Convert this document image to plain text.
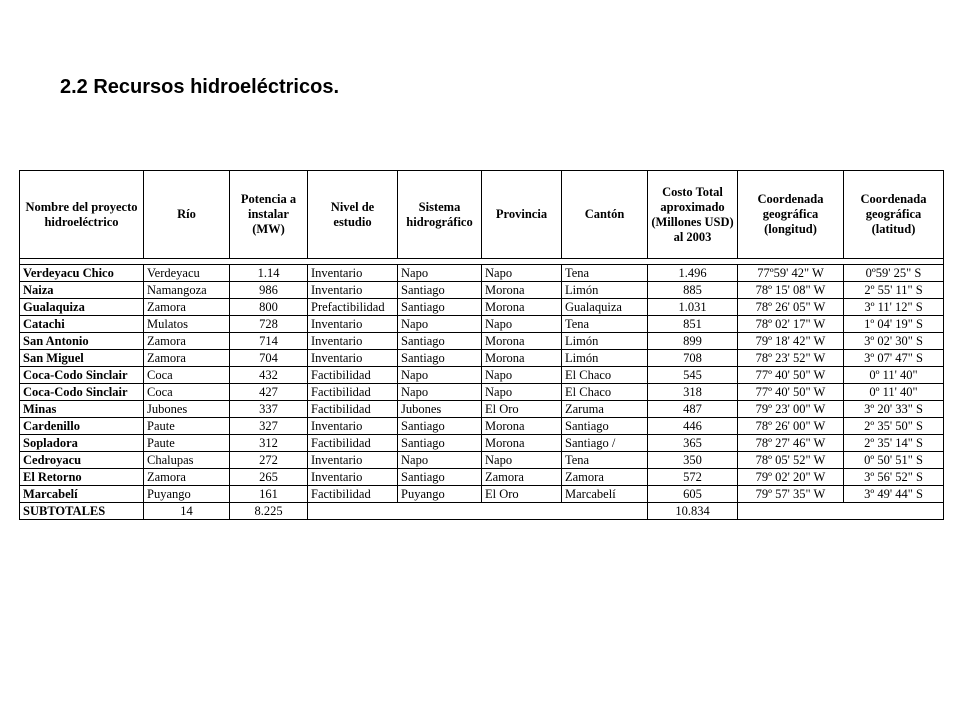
2.2 Recursos hidroeléctricos.
Nombre del proyecto hidroeléctrico	Río	Potencia a instalar (MW)	Nivel de estudio	Sistema hidrográfico	Provincia	Cantón	Costo Total aproximado (Millones USD) al 2003	Coordenada geográfica (longitud)	Coordenada geográfica (latitud)

Verdeyacu Chico	Verdeyacu	1.14	Inventario	Napo	Napo	Tena	1.496	77º59' 42" W	0º59' 25" S
Naiza	Namangoza	986	Inventario	Santiago	Morona	Limón	885	78º 15' 08" W	2º 55' 11" S
Gualaquiza	Zamora	800	Prefactibilidad	Santiago	Morona	Gualaquiza	1.031	78º 26' 05" W	3º 11' 12" S
Catachi	Mulatos	728	Inventario	Napo	Napo	Tena	851	78º 02' 17" W	1º 04' 19" S
San Antonio	Zamora	714	Inventario	Santiago	Morona	Limón	899	79º 18' 42" W	3º 02' 30" S
San Miguel	Zamora	704	Inventario	Santiago	Morona	Limón	708	78º 23' 52" W	3º 07' 47" S
Coca-Codo Sinclair	Coca	432	Factibilidad	Napo	Napo	El Chaco	545	77º 40' 50" W	0º 11' 40"
Coca-Codo Sinclair	Coca	427	Factibilidad	Napo	Napo	El Chaco	318	77º 40' 50" W	0º 11' 40"
Minas	Jubones	337	Factibilidad	Jubones	El Oro	Zaruma	487	79º 23' 00" W	3º 20' 33" S
Cardenillo	Paute	327	Inventario	Santiago	Morona	Santiago	446	78º 26' 00" W	2º 35' 50" S
Sopladora	Paute	312	Factibilidad	Santiago	Morona	Santiago /	365	78º 27' 46" W	2º 35' 14" S
Cedroyacu	Chalupas	272	Inventario	Napo	Napo	Tena	350	78º 05' 52" W	0º 50' 51" S
El Retorno	Zamora	265	Inventario	Santiago	Zamora	Zamora	572	79º 02' 20" W	3º 56' 52" S
Marcabelí	Puyango	161	Factibilidad	Puyango	El Oro	Marcabelí	605	79º 57' 35" W	3º 49' 44" S
SUBTOTALES	14	8.225					10.834		
